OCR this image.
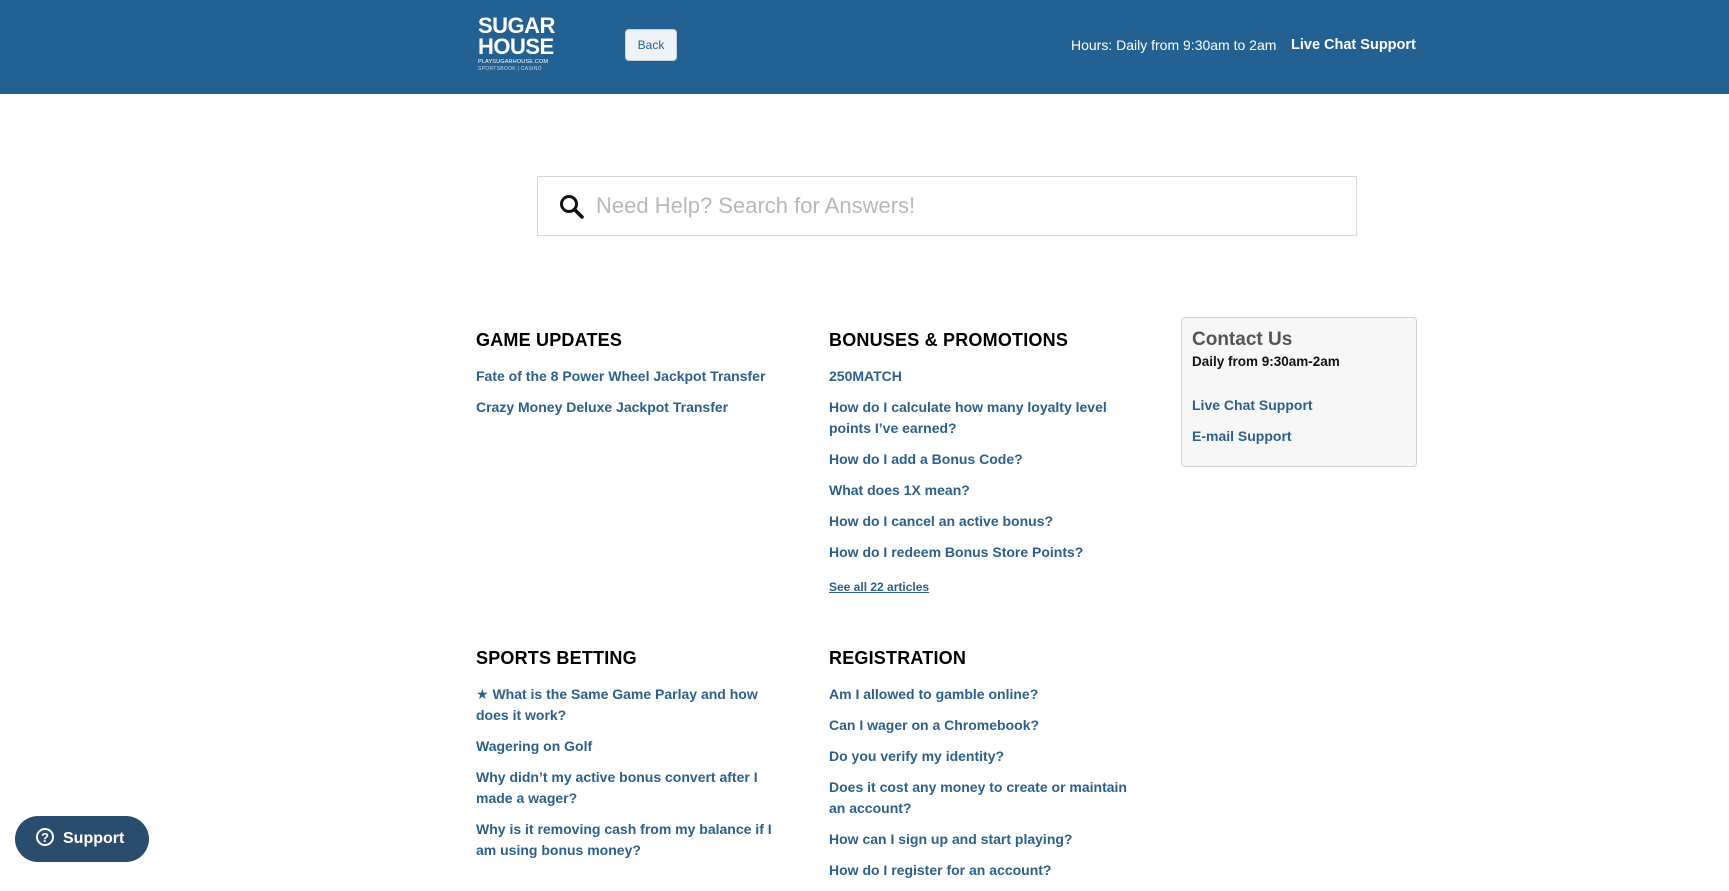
SUGAR
HOUSE
PLAYSUGARHOUSE.COM
SPORTSBOOK | CASINO
Back	Hours: Daily from 9:30am to 2am Live Chat Support
Need Help? Search for Answers!
GAME UPDATES
Fate of the 8 Power Wheel Jackpot Transfer
Crazy Money Deluxe Jackpot Transfer
BONUSES & PROMOTIONS
250MATCH
How do I calculate how many loyalty level points I’ve earned?
How do I add a Bonus Code?
What does 1X mean?
How do I cancel an active bonus?
How do I redeem Bonus Store Points?
See all 22 articles
SPORTS BETTING
★ What is the Same Game Parlay and how does it work?
Wagering on Golf
Why didn’t my active bonus convert after I made a wager?
Why is it removing cash from my balance if I am using bonus money?
REGISTRATION
Am I allowed to gamble online?
Can I wager on a Chromebook?
Do you verify my identity?
Does it cost any money to create or maintain an account?
How can I sign up and start playing?
How do I register for an account?
Contact Us
Daily from 9:30am-2am
Live Chat Support
E-mail Support
? Support
